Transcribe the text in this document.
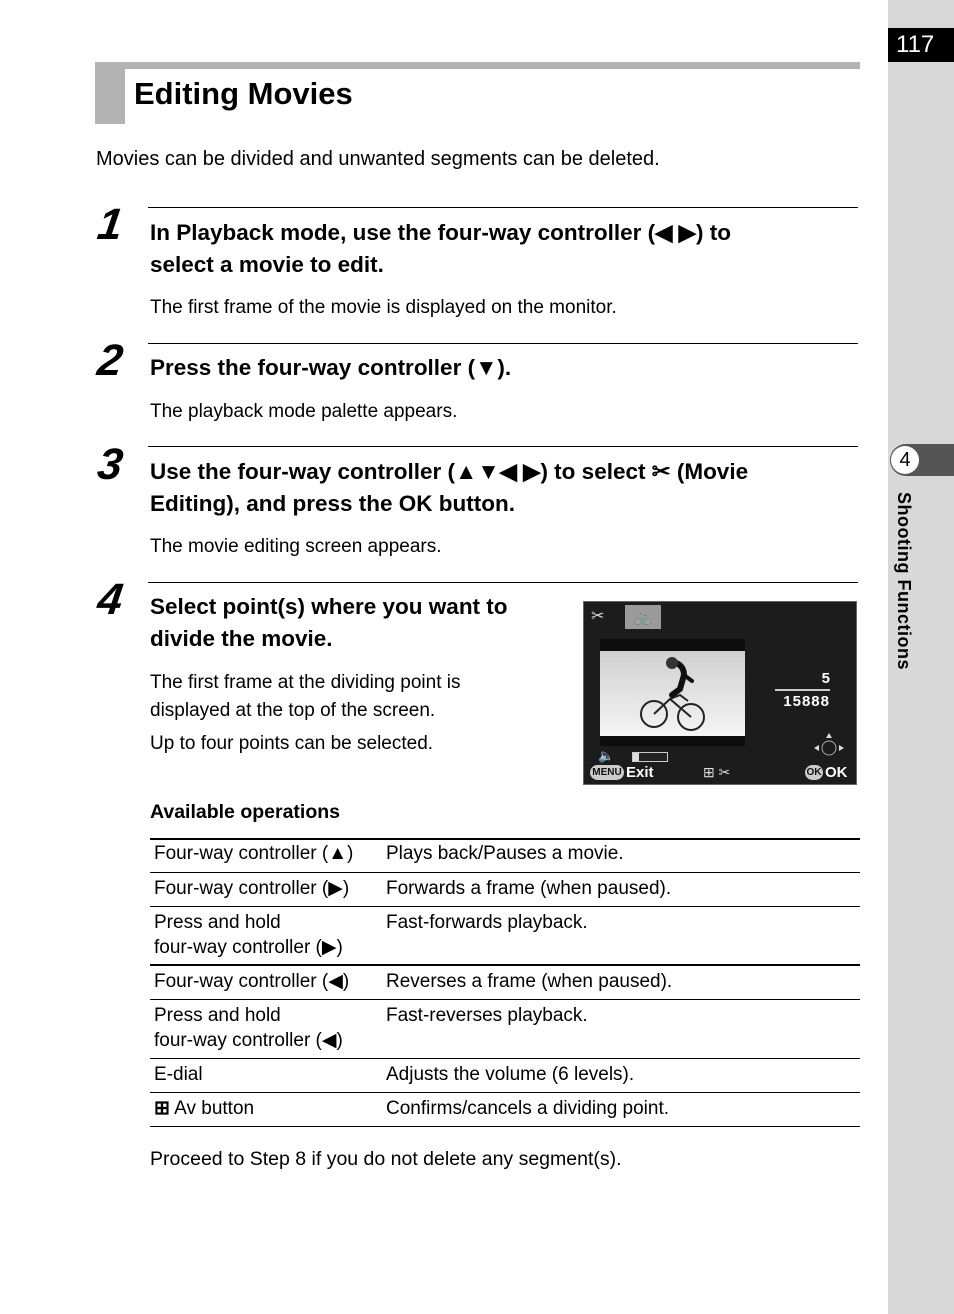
117
4
Shooting Functions
Editing Movies
Movies can be divided and unwanted segments can be deleted.
1 In Playback mode, use the four-way controller (◀ ▶) to
select a movie to edit.
The first frame of the movie is displayed on the monitor.
2 Press the four-way controller (▼).
The playback mode palette appears.
3 Use the four-way controller (▲▼◀ ▶) to select ✂ (Movie
Editing), and press the OK button.
The movie editing screen appears.
4 Select point(s) where you want to
divide the movie.
The first frame at the dividing point is
displayed at the top of the screen.
Up to four points can be selected.
✂	🚲
5
15888
🔈
MENU Exit	⊞ ✂	OK OK
Available operations
Four-way controller (▲)	Plays back/Pauses a movie.
Four-way controller (▶)	Forwards a frame (when paused).
Press and hold
four-way controller (▶)	Fast-forwards playback.
Four-way controller (◀)	Reverses a frame (when paused).
Press and hold
four-way controller (◀)	Fast-reverses playback.
E-dial	Adjusts the volume (6 levels).
⊞ Av button	Confirms/cancels a dividing point.
Proceed to Step 8 if you do not delete any segment(s).
